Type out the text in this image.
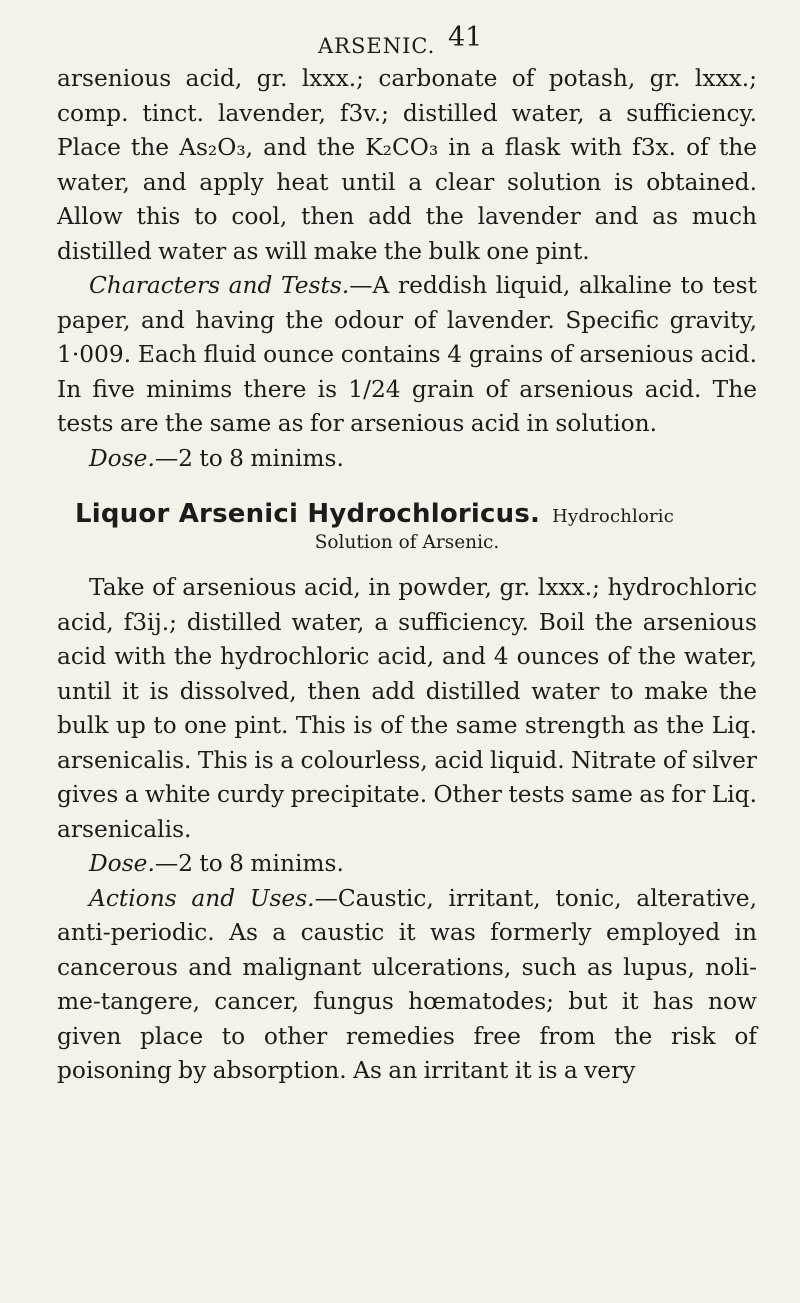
ARSENIC. 41

arsenious acid, gr. lxxx.; carbonate of potash, gr. lxxx.; comp. tinct. lavender, f3v.; distilled water, a sufficiency. Place the As₂O₃, and the K₂CO₃ in a flask with f3x. of the water, and apply heat until a clear solution is obtained. Allow this to cool, then add the lavender and as much distilled water as will make the bulk one pint.

Characters and Tests.—A reddish liquid, alkaline to test paper, and having the odour of lavender. Specific gravity, 1·009. Each fluid ounce contains 4 grains of arsenious acid. In five minims there is 1/24 grain of arsenious acid. The tests are the same as for arsenious acid in solution.

Dose.—2 to 8 minims.

Liquor Arsenici Hydrochloricus. Hydrochloric
Solution of Arsenic.

Take of arsenious acid, in powder, gr. lxxx.; hydrochloric acid, f3ij.; distilled water, a sufficiency. Boil the arsenious acid with the hydrochloric acid, and 4 ounces of the water, until it is dissolved, then add distilled water to make the bulk up to one pint. This is of the same strength as the Liq. arsenicalis. This is a colourless, acid liquid. Nitrate of silver gives a white curdy precipitate. Other tests same as for Liq. arsenicalis.

Dose.—2 to 8 minims.

Actions and Uses.—Caustic, irritant, tonic, alterative, anti-periodic. As a caustic it was formerly employed in cancerous and malignant ulcerations, such as lupus, noli-me-tangere, cancer, fungus hœmatodes; but it has now given place to other remedies free from the risk of poisoning by absorption. As an irritant it is a very
